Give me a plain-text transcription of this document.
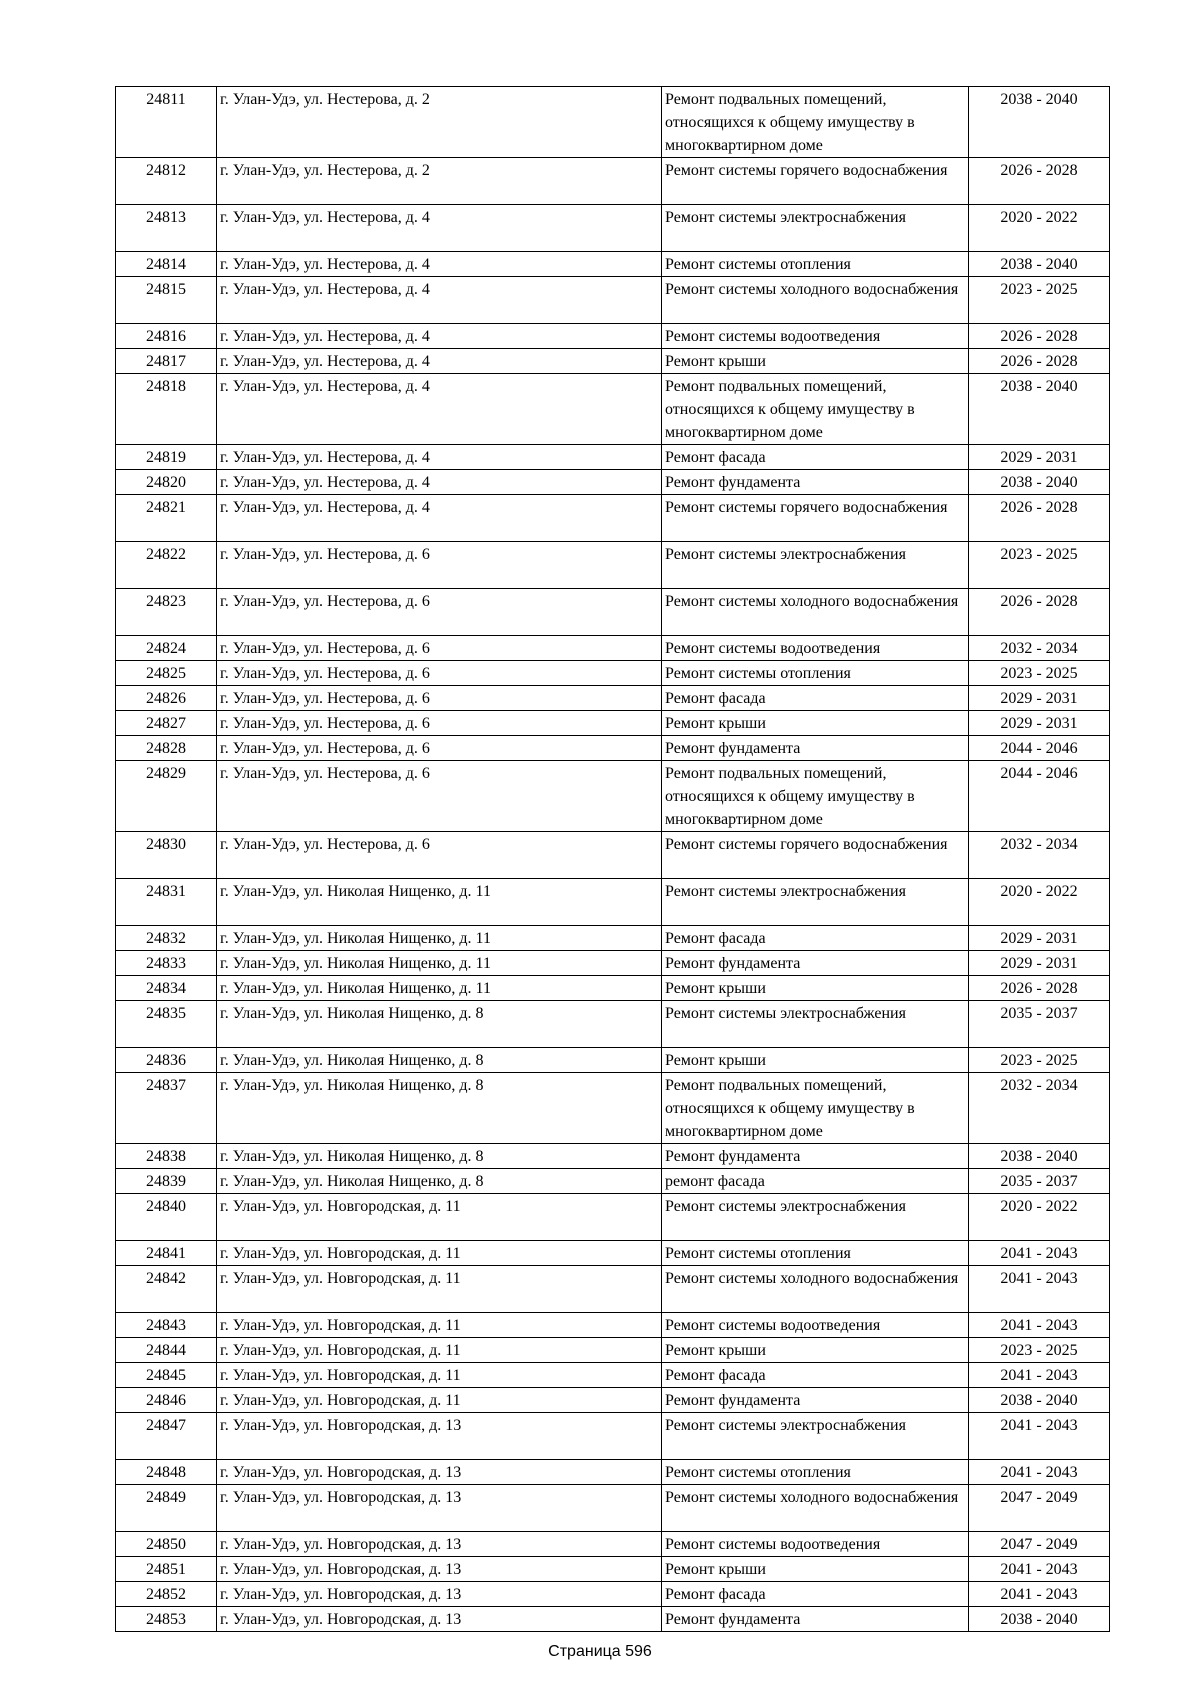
24811	г. Улан-Удэ, ул. Нестерова, д. 2	Ремонт подвальных помещений, относящихся к общему имуществу в многоквартирном доме	2038 - 2040
24812	г. Улан-Удэ, ул. Нестерова, д. 2	Ремонт системы горячего водоснабжения	2026 - 2028
24813	г. Улан-Удэ, ул. Нестерова, д. 4	Ремонт системы электроснабжения	2020 - 2022
24814	г. Улан-Удэ, ул. Нестерова, д. 4	Ремонт системы отопления	2038 - 2040
24815	г. Улан-Удэ, ул. Нестерова, д. 4	Ремонт системы холодного водоснабжения	2023 - 2025
24816	г. Улан-Удэ, ул. Нестерова, д. 4	Ремонт системы водоотведения	2026 - 2028
24817	г. Улан-Удэ, ул. Нестерова, д. 4	Ремонт крыши	2026 - 2028
24818	г. Улан-Удэ, ул. Нестерова, д. 4	Ремонт подвальных помещений, относящихся к общему имуществу в многоквартирном доме	2038 - 2040
24819	г. Улан-Удэ, ул. Нестерова, д. 4	Ремонт фасада	2029 - 2031
24820	г. Улан-Удэ, ул. Нестерова, д. 4	Ремонт фундамента	2038 - 2040
24821	г. Улан-Удэ, ул. Нестерова, д. 4	Ремонт системы горячего водоснабжения	2026 - 2028
24822	г. Улан-Удэ, ул. Нестерова, д. 6	Ремонт системы электроснабжения	2023 - 2025
24823	г. Улан-Удэ, ул. Нестерова, д. 6	Ремонт системы холодного водоснабжения	2026 - 2028
24824	г. Улан-Удэ, ул. Нестерова, д. 6	Ремонт системы водоотведения	2032 - 2034
24825	г. Улан-Удэ, ул. Нестерова, д. 6	Ремонт системы отопления	2023 - 2025
24826	г. Улан-Удэ, ул. Нестерова, д. 6	Ремонт фасада	2029 - 2031
24827	г. Улан-Удэ, ул. Нестерова, д. 6	Ремонт крыши	2029 - 2031
24828	г. Улан-Удэ, ул. Нестерова, д. 6	Ремонт фундамента	2044 - 2046
24829	г. Улан-Удэ, ул. Нестерова, д. 6	Ремонт подвальных помещений, относящихся к общему имуществу в многоквартирном доме	2044 - 2046
24830	г. Улан-Удэ, ул. Нестерова, д. 6	Ремонт системы горячего водоснабжения	2032 - 2034
24831	г. Улан-Удэ, ул. Николая Нищенко, д. 11	Ремонт системы электроснабжения	2020 - 2022
24832	г. Улан-Удэ, ул. Николая Нищенко, д. 11	Ремонт фасада	2029 - 2031
24833	г. Улан-Удэ, ул. Николая Нищенко, д. 11	Ремонт фундамента	2029 - 2031
24834	г. Улан-Удэ, ул. Николая Нищенко, д. 11	Ремонт крыши	2026 - 2028
24835	г. Улан-Удэ, ул. Николая Нищенко, д. 8	Ремонт системы электроснабжения	2035 - 2037
24836	г. Улан-Удэ, ул. Николая Нищенко, д. 8	Ремонт крыши	2023 - 2025
24837	г. Улан-Удэ, ул. Николая Нищенко, д. 8	Ремонт подвальных помещений, относящихся к общему имуществу в многоквартирном доме	2032 - 2034
24838	г. Улан-Удэ, ул. Николая Нищенко, д. 8	Ремонт фундамента	2038 - 2040
24839	г. Улан-Удэ, ул. Николая Нищенко, д. 8	ремонт фасада	2035 - 2037
24840	г. Улан-Удэ, ул. Новгородская, д. 11	Ремонт системы электроснабжения	2020 - 2022
24841	г. Улан-Удэ, ул. Новгородская, д. 11	Ремонт системы отопления	2041 - 2043
24842	г. Улан-Удэ, ул. Новгородская, д. 11	Ремонт системы холодного водоснабжения	2041 - 2043
24843	г. Улан-Удэ, ул. Новгородская, д. 11	Ремонт системы водоотведения	2041 - 2043
24844	г. Улан-Удэ, ул. Новгородская, д. 11	Ремонт крыши	2023 - 2025
24845	г. Улан-Удэ, ул. Новгородская, д. 11	Ремонт фасада	2041 - 2043
24846	г. Улан-Удэ, ул. Новгородская, д. 11	Ремонт фундамента	2038 - 2040
24847	г. Улан-Удэ, ул. Новгородская, д. 13	Ремонт системы электроснабжения	2041 - 2043
24848	г. Улан-Удэ, ул. Новгородская, д. 13	Ремонт системы отопления	2041 - 2043
24849	г. Улан-Удэ, ул. Новгородская, д. 13	Ремонт системы холодного водоснабжения	2047 - 2049
24850	г. Улан-Удэ, ул. Новгородская, д. 13	Ремонт системы водоотведения	2047 - 2049
24851	г. Улан-Удэ, ул. Новгородская, д. 13	Ремонт крыши	2041 - 2043
24852	г. Улан-Удэ, ул. Новгородская, д. 13	Ремонт фасада	2041 - 2043
24853	г. Улан-Удэ, ул. Новгородская, д. 13	Ремонт фундамента	2038 - 2040
Страница 596
